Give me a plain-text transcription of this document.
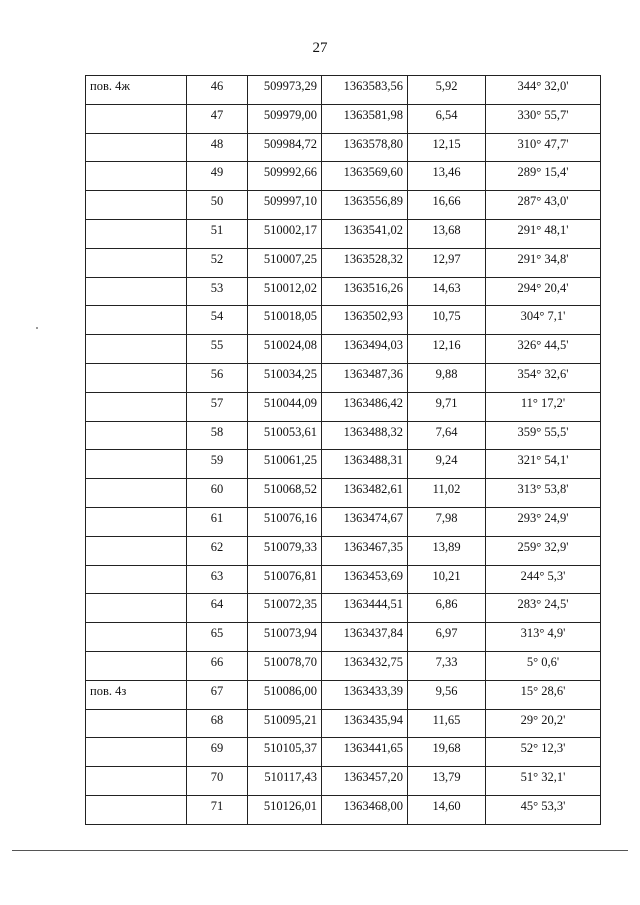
27
пов. 4ж	46	509973,29	1363583,56	5,92	344° 32,0'
	47	509979,00	1363581,98	6,54	330° 55,7'
	48	509984,72	1363578,80	12,15	310° 47,7'
	49	509992,66	1363569,60	13,46	289° 15,4'
	50	509997,10	1363556,89	16,66	287° 43,0'
	51	510002,17	1363541,02	13,68	291° 48,1'
	52	510007,25	1363528,32	12,97	291° 34,8'
	53	510012,02	1363516,26	14,63	294° 20,4'
	54	510018,05	1363502,93	10,75	304° 7,1'
	55	510024,08	1363494,03	12,16	326° 44,5'
	56	510034,25	1363487,36	9,88	354° 32,6'
	57	510044,09	1363486,42	9,71	11° 17,2'
	58	510053,61	1363488,32	7,64	359° 55,5'
	59	510061,25	1363488,31	9,24	321° 54,1'
	60	510068,52	1363482,61	11,02	313° 53,8'
	61	510076,16	1363474,67	7,98	293° 24,9'
	62	510079,33	1363467,35	13,89	259° 32,9'
	63	510076,81	1363453,69	10,21	244° 5,3'
	64	510072,35	1363444,51	6,86	283° 24,5'
	65	510073,94	1363437,84	6,97	313° 4,9'
	66	510078,70	1363432,75	7,33	5° 0,6'
пов. 4з	67	510086,00	1363433,39	9,56	15° 28,6'
	68	510095,21	1363435,94	11,65	29° 20,2'
	69	510105,37	1363441,65	19,68	52° 12,3'
	70	510117,43	1363457,20	13,79	51° 32,1'
	71	510126,01	1363468,00	14,60	45° 53,3'
